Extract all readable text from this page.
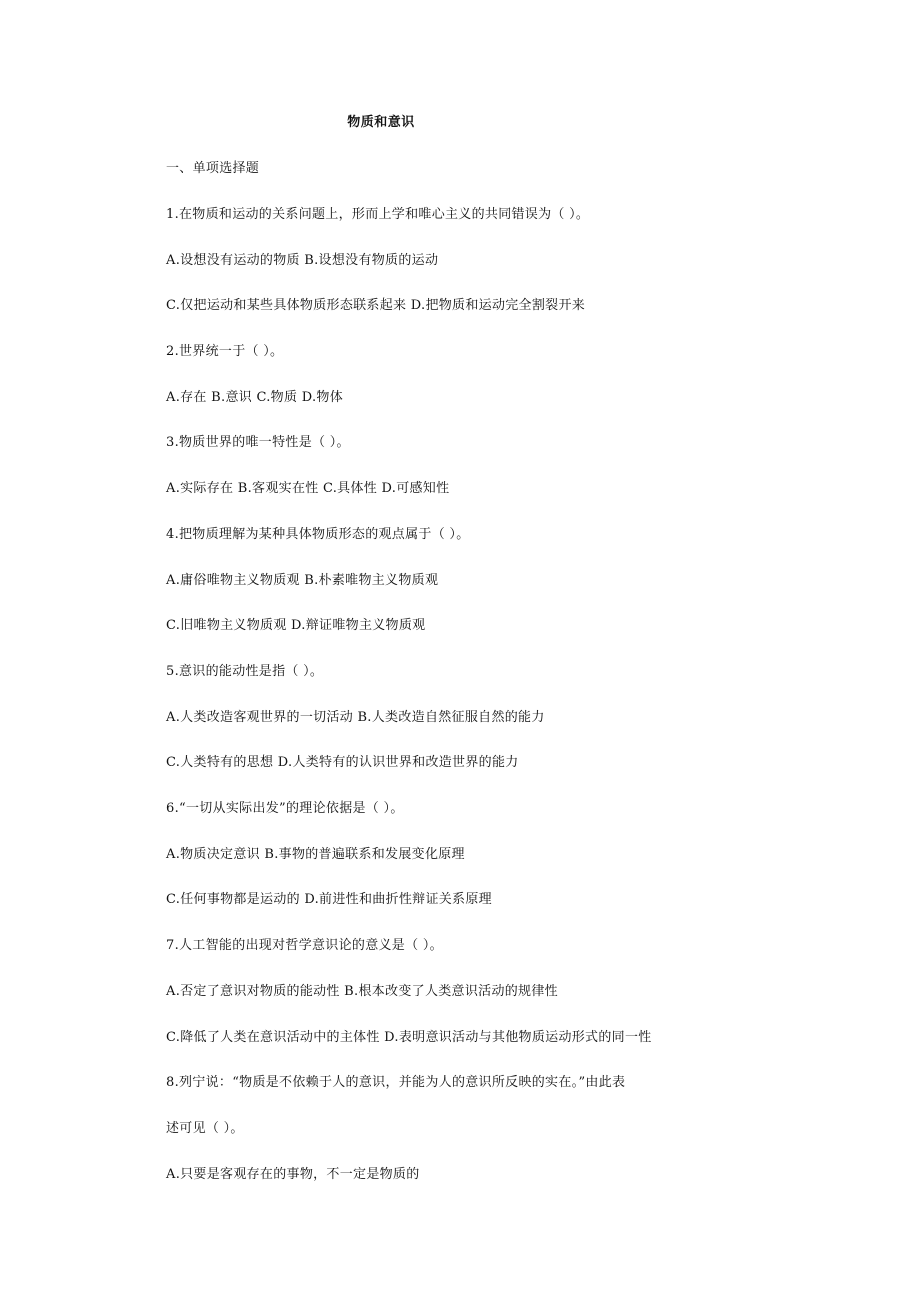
物质和意识
一、单项选择题
1.在物质和运动的关系问题上，形而上学和唯心主义的共同错误为（ ）。
A.设想没有运动的物质 B.设想没有物质的运动
C.仅把运动和某些具体物质形态联系起来 D.把物质和运动完全割裂开来
2.世界统一于（ ）。
A.存在 B.意识 C.物质 D.物体
3.物质世界的唯一特性是（ ）。
A.实际存在 B.客观实在性 C.具体性 D.可感知性
4.把物质理解为某种具体物质形态的观点属于（ ）。
A.庸俗唯物主义物质观 B.朴素唯物主义物质观
C.旧唯物主义物质观 D.辩证唯物主义物质观
5.意识的能动性是指（ ）。
A.人类改造客观世界的一切活动 B.人类改造自然征服自然的能力
C.人类特有的思想 D.人类特有的认识世界和改造世界的能力
6.“一切从实际出发”的理论依据是（ ）。
A.物质决定意识 B.事物的普遍联系和发展变化原理
C.任何事物都是运动的 D.前进性和曲折性辩证关系原理
7.人工智能的出现对哲学意识论的意义是（ ）。
A.否定了意识对物质的能动性 B.根本改变了人类意识活动的规律性
C.降低了人类在意识活动中的主体性 D.表明意识活动与其他物质运动形式的同一性
8.列宁说：“物质是不依赖于人的意识，并能为人的意识所反映的实在。”由此表
述可见（ ）。
A.只要是客观存在的事物，不一定是物质的
